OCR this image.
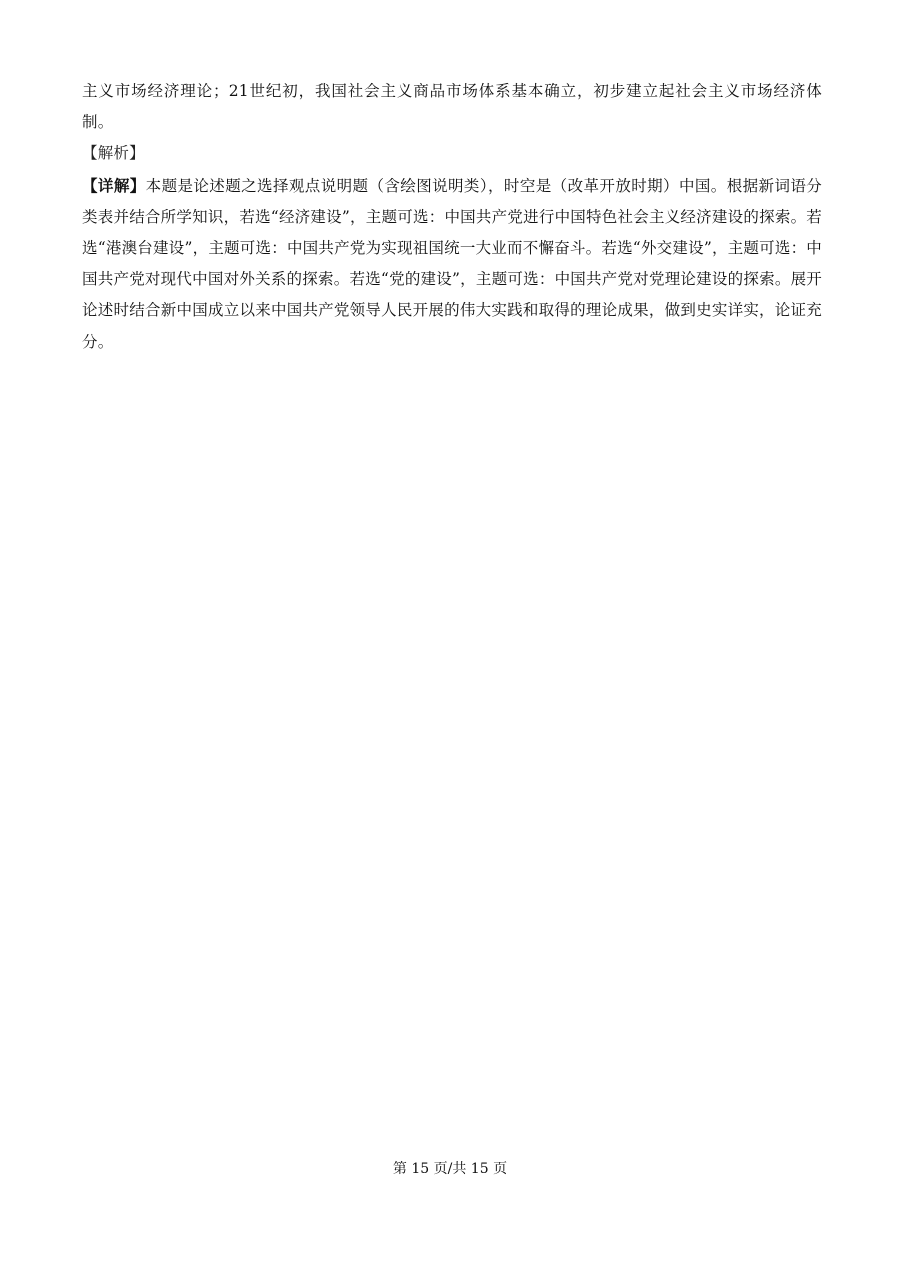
主义市场经济理论；21世纪初，我国社会主义商品市场体系基本确立，初步建立起社会主义市场经济体制。

【解析】

【详解】本题是论述题之选择观点说明题（含绘图说明类），时空是（改革开放时期）中国。根据新词语分类表并结合所学知识，若选“经济建设”，主题可选：中国共产党进行中国特色社会主义经济建设的探索。若选“港澳台建设”，主题可选：中国共产党为实现祖国统一大业而不懈奋斗。若选“外交建设”，主题可选：中国共产党对现代中国对外关系的探索。若选“党的建设”，主题可选：中国共产党对党理论建设的探索。展开论述时结合新中国成立以来中国共产党领导人民开展的伟大实践和取得的理论成果，做到史实详实，论证充分。

第 15 页/共 15 页
